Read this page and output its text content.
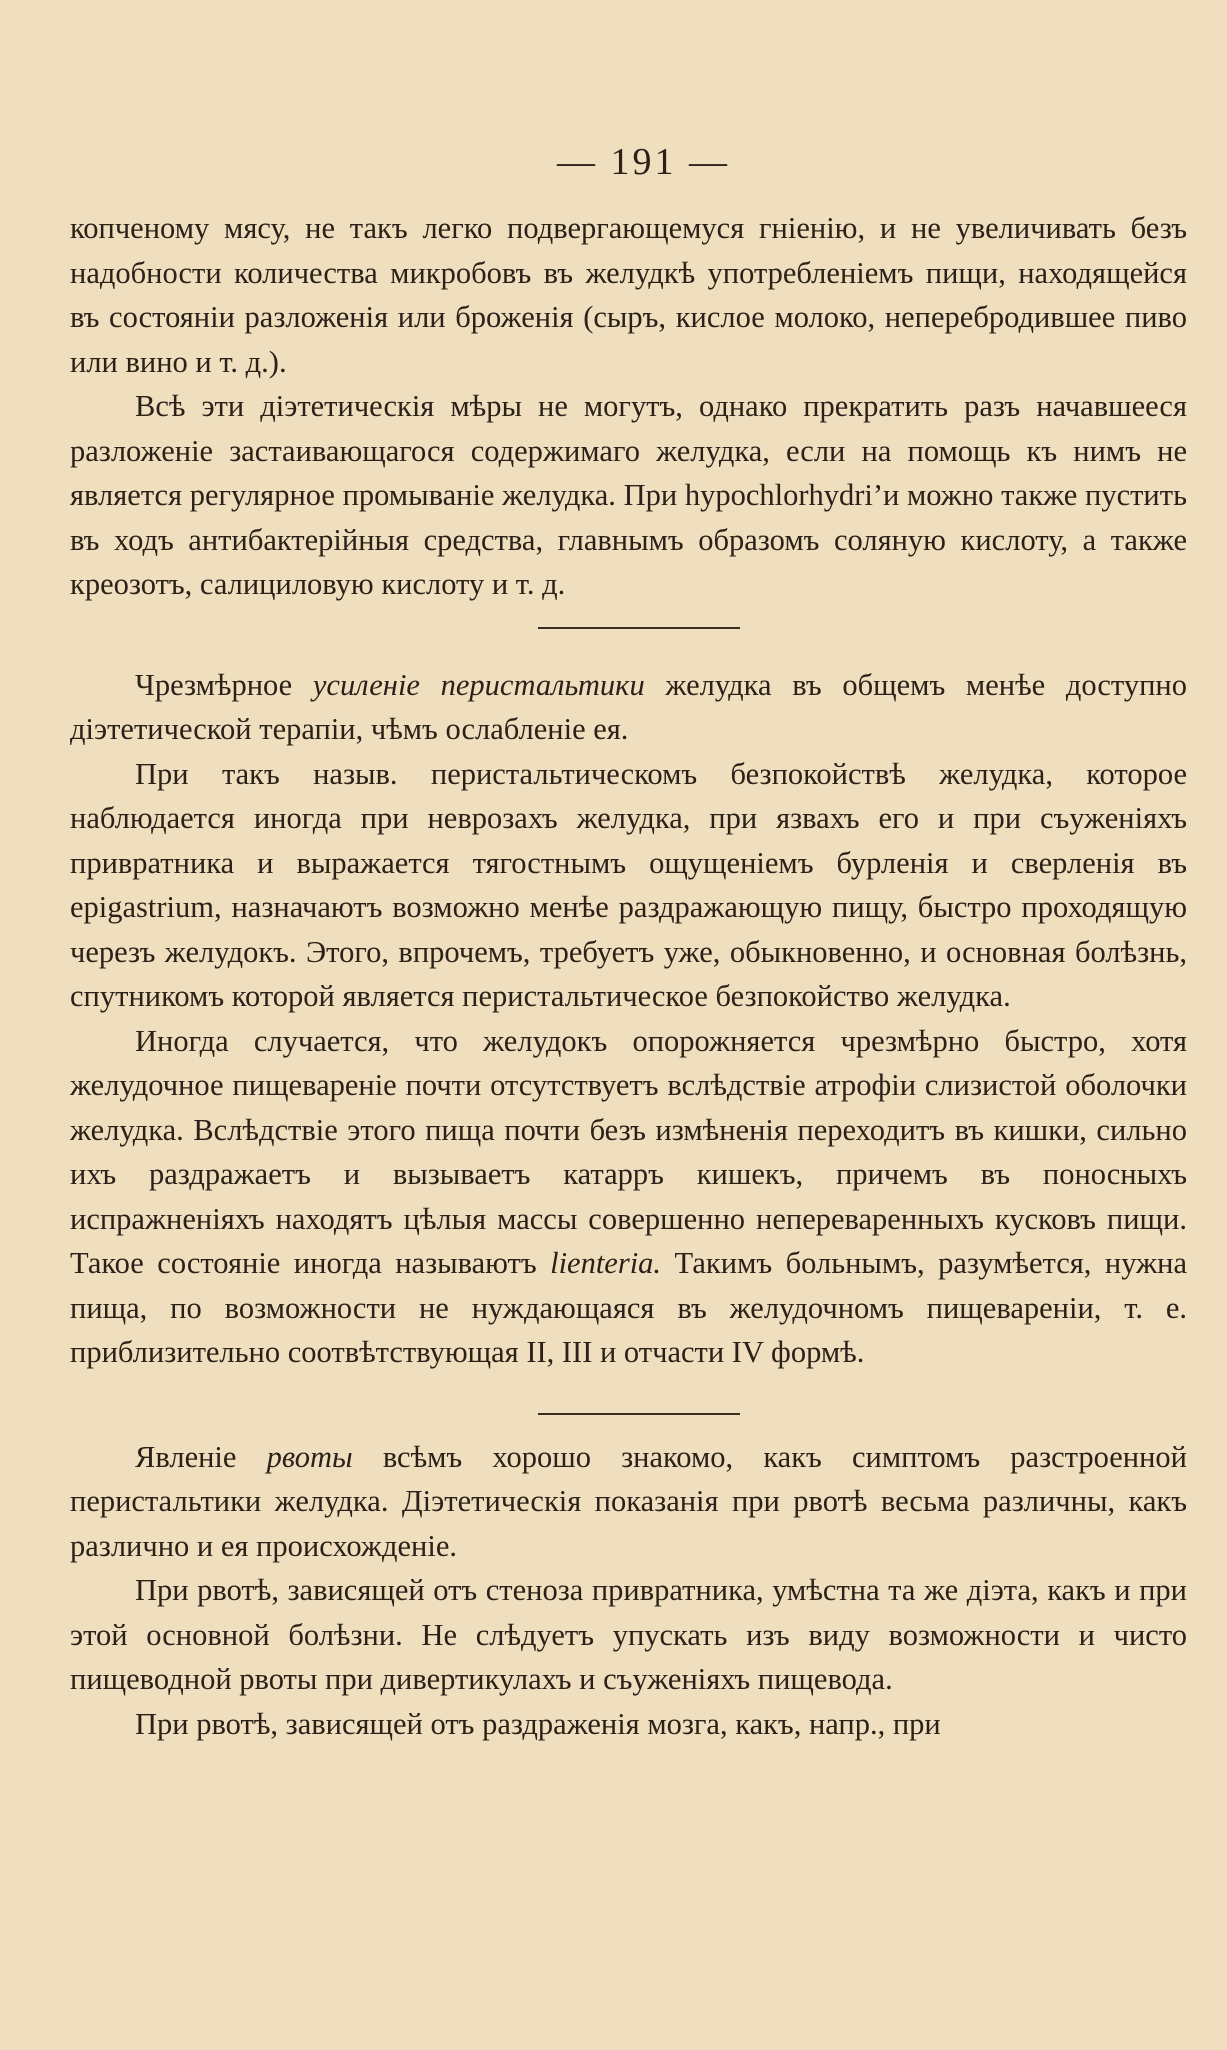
— 191 —

копченому мясу, не такъ легко подвергающемуся гніенію, и не увеличивать безъ надобности количества микробовъ въ желудкѣ употребленіемъ пищи, находящейся въ состояніи разложенія или броженія (сыръ, кислое молоко, неперебродившее пиво или вино и т. д.).

Всѣ эти діэтетическія мѣры не могутъ, однако прекратить разъ начавшееся разложеніе застаивающагося содержимаго желудка, если на помощь къ нимъ не является регулярное промываніе желудка. При hypochlorhydri’и можно также пустить въ ходъ антибактерійныя средства, главнымъ образомъ соляную кислоту, а также креозотъ, салициловую кислоту и т. д.

Чрезмѣрное усиленіе перистальтики желудка въ общемъ менѣе доступно діэтетической терапіи, чѣмъ ослабленіе ея.

При такъ назыв. перистальтическомъ безпокойствѣ желудка, которое наблюдается иногда при неврозахъ желудка, при язвахъ его и при съуженіяхъ привратника и выражается тягостнымъ ощущеніемъ бурленія и сверленія въ epigastrium, назначаютъ возможно менѣе раздражающую пищу, быстро проходящую черезъ желудокъ. Этого, впрочемъ, требуетъ уже, обыкновенно, и основная болѣзнь, спутникомъ которой является перистальтическое безпокойство желудка.

Иногда случается, что желудокъ опорожняется чрезмѣрно быстро, хотя желудочное пищевареніе почти отсутствуетъ вслѣдствіе атрофіи слизистой оболочки желудка. Вслѣдствіе этого пища почти безъ измѣненія переходитъ въ кишки, сильно ихъ раздражаетъ и вызываетъ катарръ кишекъ, причемъ въ поносныхъ испражненіяхъ находятъ цѣлыя массы совершенно непереваренныхъ кусковъ пищи. Такое состояніе иногда называютъ lienteria. Такимъ больнымъ, разумѣется, нужна пища, по возможности не нуждающаяся въ желудочномъ пищевареніи, т. е. приблизительно соотвѣтствующая II, III и отчасти IV формѣ.

Явленіе рвоты всѣмъ хорошо знакомо, какъ симптомъ разстроенной перистальтики желудка. Діэтетическія показанія при рвотѣ весьма различны, какъ различно и ея происхожденіе.

При рвотѣ, зависящей отъ стеноза привратника, умѣстна та же діэта, какъ и при этой основной болѣзни. Не слѣдуетъ упускать изъ виду возможности и чисто пищеводной рвоты при дивертикулахъ и съуженіяхъ пищевода.

При рвотѣ, зависящей отъ раздраженія мозга, какъ, напр., при
